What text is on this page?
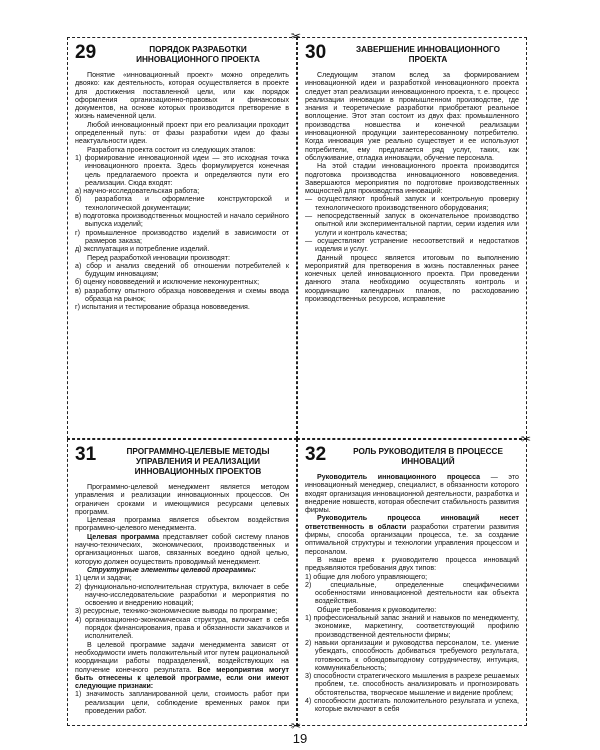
29	ПОРЯДОК РАЗРАБОТКИ ИННОВАЦИОННОГО ПРОЕКТА

Понятие «инновационный проект» можно определить двояко: как деятельность, которая осуществляется в проекте для достижения поставленной цели, или как порядок оформления организационно-правовых и финансовых документов, на основе которых производится претворение в жизнь намеченной цели.

Любой инновационный проект при его реализации проходит определенный путь: от фазы разработки идеи до фазы неактуальности идеи.

Разработка проекта состоит из следующих этапов:

1) формирование инновационной идеи — это исходная точка инновационного проекта. Здесь формулируется конечная цель предлагаемого проекта и определяются пути его реализации. Сюда входят:

а) научно-исследовательская работа;

б) разработка и оформление конструкторской и технологической документации;

в) подготовка производственных мощностей и начало серийного выпуска изделий;

г) промышленное производство изделий в зависимости от размеров заказа;

д) эксплуатация и потребление изделий.

Перед разработкой инновации производят:

а) сбор и анализ сведений об отношении потребителей к будущим инновациям;

б) оценку нововведений и исключение неконкурентных;

в) разработку опытного образца нововведения и схемы ввода образца на рынок;

г) испытания и тестирование образца нововведения.

30	ЗАВЕРШЕНИЕ ИННОВАЦИОННОГО ПРОЕКТА

Следующим этапом вслед за формированием инновационной идеи и разработкой инновационного проекта следует этап реализации инновационного проекта, т. е. процесс реализации инновации в промышленном производстве, где знания и теоретические разработки приобретают реальное воплощение. Этот этап состоит из двух фаз: промышленного производства новшества и конечной реализации инновационной продукции заинтересованному потребителю. Когда инновация уже реально существует и ее используют потребители, ему предлагается ряд услуг, таких, как обслуживание, отладка инновации, обучение персонала.

На этой стадии инновационного проекта производится подготовка производства инновационного нововведения. Завершаются мероприятия по подготовке производственных мощностей для производства инноваций:

— осуществляют пробный запуск и контрольную проверку технологического производственного оборудования;

— непосредственный запуск в окончательное производство опытной или экспериментальной партии, серии изделия или услуги и контроль качества;

— осуществляют устранение несоответствий и недостатков изделия и услуг.

Данный процесс является итоговым по выполнению мероприятий для претворения в жизнь поставленных ранее конечных целей инновационного проекта. При проведении данного этапа необходимо осуществлять контроль и координацию календарных планов, по расходованию производственных ресурсов, исправление

31	ПРОГРАММНО-ЦЕЛЕВЫЕ МЕТОДЫ УПРАВЛЕНИЯ И РЕАЛИЗАЦИИ ИННОВАЦИОННЫХ ПРОЕКТОВ

Программно-целевой менеджмент является методом управления и реализации инновационных процессов. Он ограничен сроками и имеющимися ресурсами целевых программ.

Целевая программа является объектом воздействия программно-целевого менеджмента.

Целевая программа представляет собой систему планов научно-технических, экономических, производственных и организационных шагов, связанных воедино одной целью, которую должен осуществить проводимый менеджмент.

Структурные элементы целевой программы:

1) цели и задачи;

2) функционально-исполнительная структура, включает в себе научно-исследовательские разработки и мероприятия по освоению и внедрению новаций;

3) ресурсные, технико-экономические выводы по программе;

4) организационно-экономическая структура, включает в себя порядок финансирования, права и обязанности заказчиков и исполнителей.

В целевой программе задачи менеджмента зависят от необходимости иметь положительный итог путем рациональной координации работы подразделений, воздействующих на получение конечного результата. Все мероприятия могут быть отнесены к целевой программе, если они имеют следующие признаки:

1) значимость запланированной цели, стоимость работ при реализации цели, соблюдение временных рамок при проведении работ.

32	РОЛЬ РУКОВОДИТЕЛЯ В ПРОЦЕССЕ ИННОВАЦИЙ

Руководитель инновационного процесса — это инновационный менеджер, специалист, в обязанности которого входят организация инновационной деятельности, разработка и внедрение новшеств, которая обеспечит стабильность развития фирмы.

Руководитель процесса инноваций несет ответственность в области разработки стратегии развития фирмы, способа организации процесса, т.е. за создание оптимальной структуры и технологии управления процессом и персоналом.

В наше время к руководителю процесса инноваций предъявляются требования двух типов:

1) общие для любого управляющего;

2) специальные, определенные специфическими особенностями инновационной деятельности как объекта воздействия.

Общие требования к руководителю:

1) профессиональный запас знаний и навыков по менеджменту, экономике, маркетингу, соответствующий профилю производственной деятельности фирмы;

2) навыки организации и руководства персоналом, т.е. умение убеждать, способность добиваться требуемого результата, готовность к обоюдовыгодному сотрудничеству, интуиция, коммуникабельность;

3) способности стратегического мышления в разрезе решаемых проблем, т.е. способность анализировать и прогнозировать обстоятельства, творческое мышление и видение проблем;

4) способности достигать положительного результата и успеха, которые включают в себя

✂
✂
✂
19
